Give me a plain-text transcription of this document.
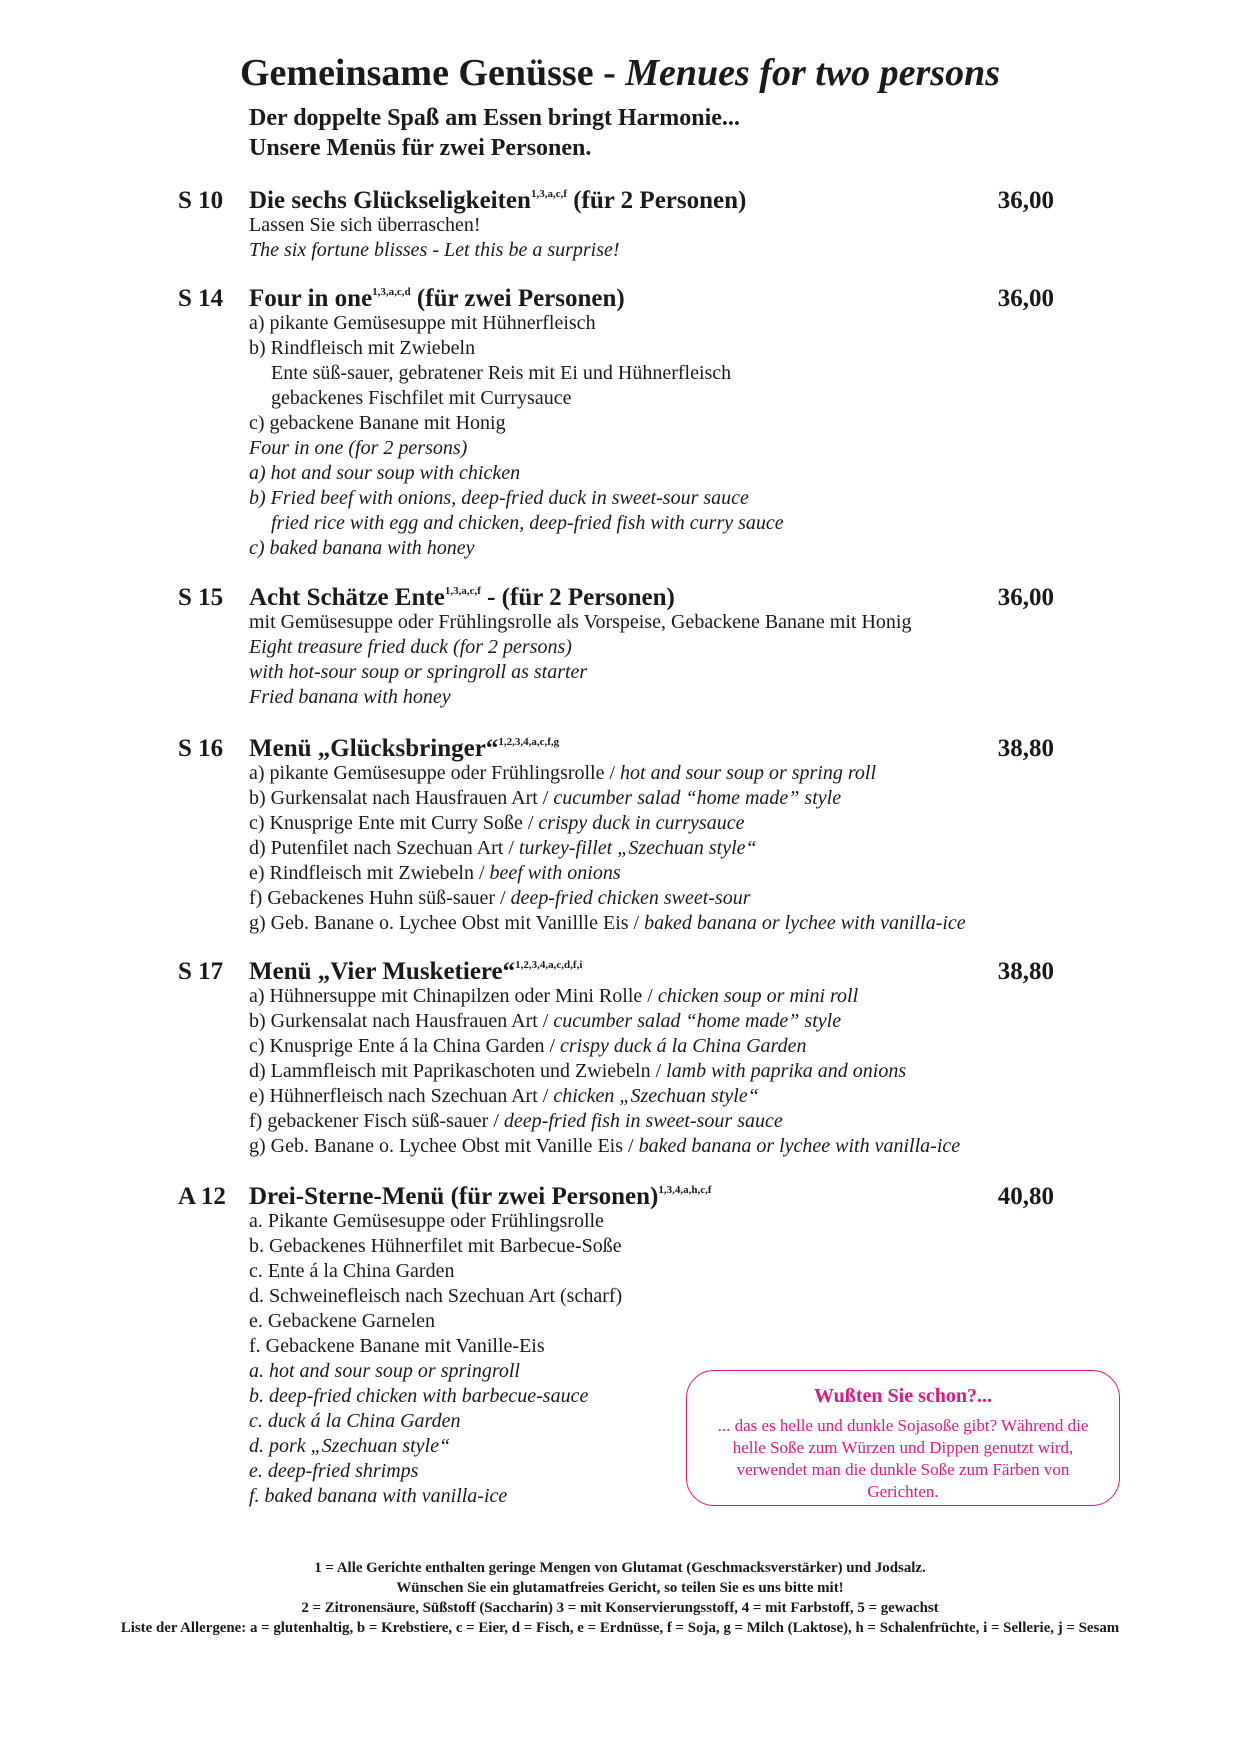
Gemeinsame Genüsse - Menues for two persons
Der doppelte Spaß am Essen bringt Harmonie...
Unsere Menüs für zwei Personen.
S 10 Die sechs Glückseligkeiten$^{1,3,a,c,f}$ (für 2 Personen)	36,00
Lassen Sie sich überraschen!
The six fortune blisses - Let this be a surprise!
S 14 Four in one$^{1,3,a,c,d}$ (für zwei Personen)	36,00
a) pikante Gemüsesuppe mit Hühnerfleisch
b) Rindfleisch mit Zwiebeln
Ente süß-sauer, gebratener Reis mit Ei und Hühnerfleisch
gebackenes Fischfilet mit Currysauce
c) gebackene Banane mit Honig
Four in one (for 2 persons)
a) hot and sour soup with chicken
b) Fried beef with onions, deep-fried duck in sweet-sour sauce
fried rice with egg and chicken, deep-fried fish with curry sauce
c) baked banana with honey
S 15 Acht Schätze Ente$^{1,3,a,c,f}$ - (für 2 Personen)	36,00
mit Gemüsesuppe oder Frühlingsrolle als Vorspeise, Gebackene Banane mit Honig
Eight treasure fried duck (for 2 persons)
with hot-sour soup or springroll as starter
Fried banana with honey
S 16 Menü „Glücksbringer“$^{1,2,3,4,a,c,f,g}$	38,80
a) pikante Gemüsesuppe oder Frühlingsrolle / hot and sour soup or spring roll
b) Gurkensalat nach Hausfrauen Art / cucumber salad “home made” style
c) Knusprige Ente mit Curry Soße / crispy duck in currysauce
d) Putenfilet nach Szechuan Art / turkey-fillet „Szechuan style“
e) Rindfleisch mit Zwiebeln / beef with onions
f) Gebackenes Huhn süß-sauer / deep-fried chicken sweet-sour
g) Geb. Banane o. Lychee Obst mit Vanillle Eis / baked banana or lychee with vanilla-ice
S 17 Menü „Vier Musketiere“$^{1,2,3,4,a,c,d,f,i}$	38,80
a) Hühnersuppe mit Chinapilzen oder Mini Rolle / chicken soup or mini roll
b) Gurkensalat nach Hausfrauen Art / cucumber salad “home made” style
c) Knusprige Ente á la China Garden / crispy duck á la China Garden
d) Lammfleisch mit Paprikaschoten und Zwiebeln / lamb with paprika and onions
e) Hühnerfleisch nach Szechuan Art / chicken „Szechuan style“
f) gebackener Fisch süß-sauer / deep-fried fish in sweet-sour sauce
g) Geb. Banane o. Lychee Obst mit Vanille Eis / baked banana or lychee with vanilla-ice
A 12 Drei-Sterne-Menü (für zwei Personen)$^{1,3,4,a,h,c,f}$	40,80
a. Pikante Gemüsesuppe oder Frühlingsrolle
b. Gebackenes Hühnerfilet mit Barbecue-Soße
c. Ente á la China Garden
d. Schweinefleisch nach Szechuan Art (scharf)
e. Gebackene Garnelen
f. Gebackene Banane mit Vanille-Eis
a. hot and sour soup or springroll
b. deep-fried chicken with barbecue-sauce
c. duck á la China Garden
d. pork „Szechuan style“
e. deep-fried shrimps
f. baked banana with vanilla-ice
Wußten Sie schon?...
... das es helle und dunkle Sojasoße gibt? Während die helle Soße zum Würzen und Dippen genutzt wird, verwendet man die dunkle Soße zum Färben von Gerichten.
1 = Alle Gerichte enthalten geringe Mengen von Glutamat (Geschmacksverstärker) und Jodsalz.
Wünschen Sie ein glutamatfreies Gericht, so teilen Sie es uns bitte mit!
2 = Zitronensäure, Süßstoff (Saccharin) 3 = mit Konservierungsstoff, 4 = mit Farbstoff, 5 = gewachst
Liste der Allergene: a = glutenhaltig, b = Krebstiere, c = Eier, d = Fisch, e = Erdnüsse, f = Soja, g = Milch (Laktose), h = Schalenfrüchte, i = Sellerie, j = Sesam
